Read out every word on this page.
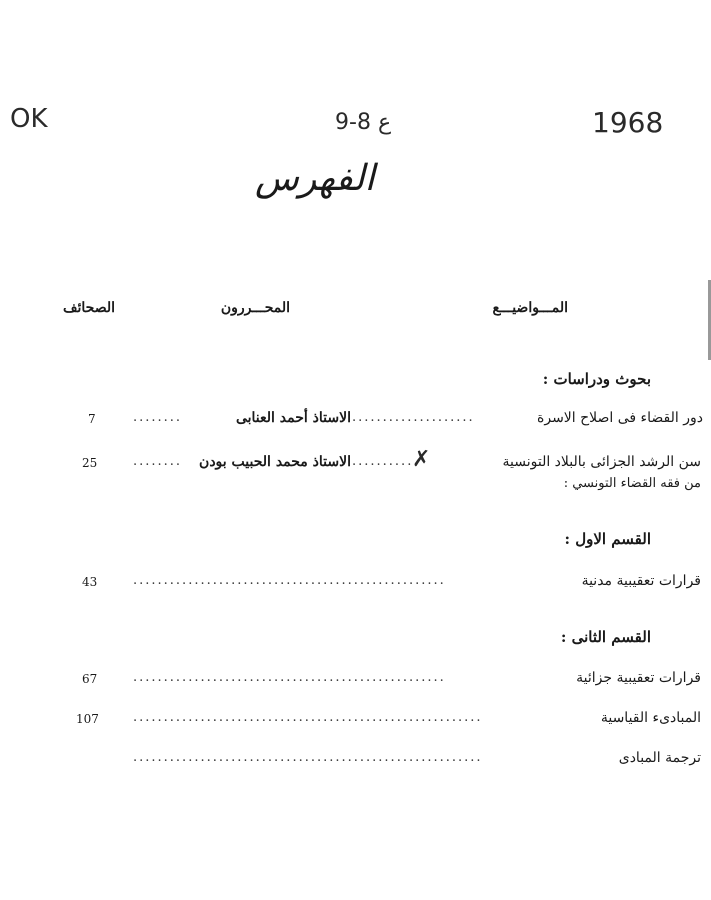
OK	ع 8-9	1968
الفهرس
المـــواضيـــع
المحـــررون
الصحائف
بحوث ودراسات :
دور القضاء فى اصلاح الاسرة
....................
الاستاذ أحمد العنابى
........
7
سن الرشد الجزائى بالبلاد التونسية
✗
..........
الاستاذ محمد الحبيب بودن
........
25
من فقه القضاء التونسي :
القسم الاول :
قرارات تعقيبية مدنية
...................................................
43
القسم الثانى :
قرارات تعقيبية جزائية
...................................................
67
المبادىء القياسية
.........................................................
107
ترجمة المبادى
.........................................................
